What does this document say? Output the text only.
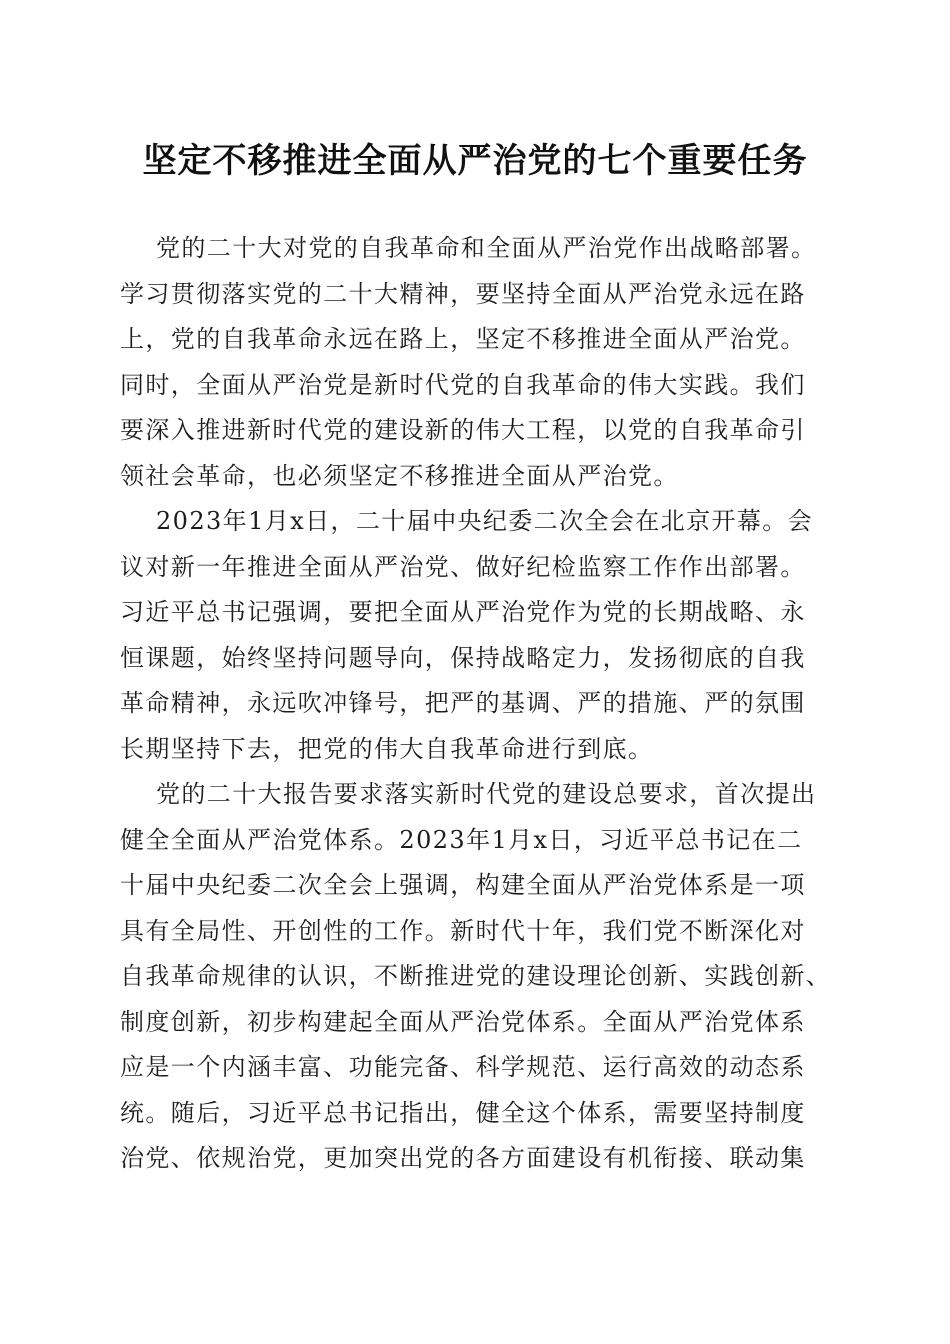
坚定不移推进全面从严治党的七个重要任务

党的二十大对党的自我革命和全面从严治党作出战略部署。
学习贯彻落实党的二十大精神，要坚持全面从严治党永远在路
上，党的自我革命永远在路上，坚定不移推进全面从严治党。
同时，全面从严治党是新时代党的自我革命的伟大实践。我们
要深入推进新时代党的建设新的伟大工程，以党的自我革命引
领社会革命，也必须坚定不移推进全面从严治党。

2023年1月x日，二十届中央纪委二次全会在北京开幕。会
议对新一年推进全面从严治党、做好纪检监察工作作出部署。
习近平总书记强调，要把全面从严治党作为党的长期战略、永
恒课题，始终坚持问题导向，保持战略定力，发扬彻底的自我
革命精神，永远吹冲锋号，把严的基调、严的措施、严的氛围
长期坚持下去，把党的伟大自我革命进行到底。

党的二十大报告要求落实新时代党的建设总要求，首次提出
健全全面从严治党体系。2023年1月x日，习近平总书记在二
十届中央纪委二次全会上强调，构建全面从严治党体系是一项
具有全局性、开创性的工作。新时代十年，我们党不断深化对
自我革命规律的认识，不断推进党的建设理论创新、实践创新、
制度创新，初步构建起全面从严治党体系。全面从严治党体系
应是一个内涵丰富、功能完备、科学规范、运行高效的动态系
统。随后，习近平总书记指出，健全这个体系，需要坚持制度
治党、依规治党，更加突出党的各方面建设有机衔接、联动集
